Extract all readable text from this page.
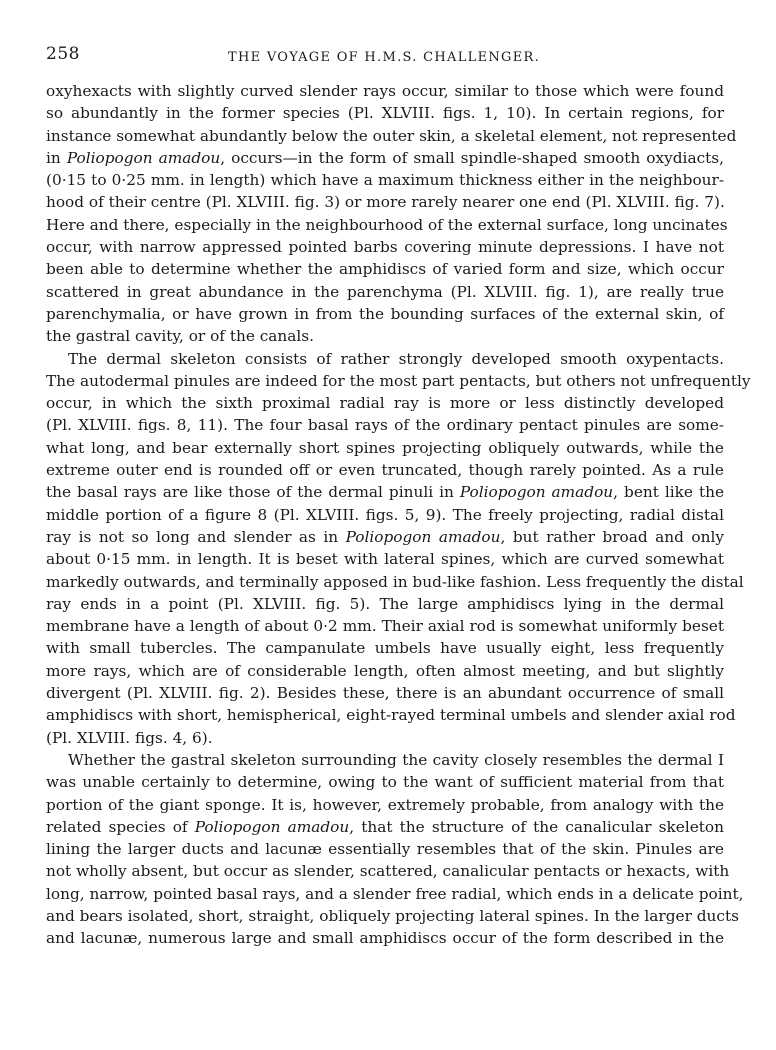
258	THE VOYAGE OF H.M.S. CHALLENGER.
oxyhexacts with slightly curved slender rays occur, similar to those which were found
so abundantly in the former species (Pl. XLVIII. figs. 1, 10). In certain regions, for
instance somewhat abundantly below the outer skin, a skeletal element, not represented
in Poliopogon amadou, occurs—in the form of small spindle-shaped smooth oxydiacts,
(0·15 to 0·25 mm. in length) which have a maximum thickness either in the neighbour-
hood of their centre (Pl. XLVIII. fig. 3) or more rarely nearer one end (Pl. XLVIII. fig. 7).
Here and there, especially in the neighbourhood of the external surface, long uncinates
occur, with narrow appressed pointed barbs covering minute depressions. I have not
been able to determine whether the amphidiscs of varied form and size, which occur
scattered in great abundance in the parenchyma (Pl. XLVIII. fig. 1), are really true
parenchymalia, or have grown in from the bounding surfaces of the external skin, of
the gastral cavity, or of the canals.
The dermal skeleton consists of rather strongly developed smooth oxypentacts.
The autodermal pinules are indeed for the most part pentacts, but others not unfrequently
occur, in which the sixth proximal radial ray is more or less distinctly developed
(Pl. XLVIII. figs. 8, 11). The four basal rays of the ordinary pentact pinules are some-
what long, and bear externally short spines projecting obliquely outwards, while the
extreme outer end is rounded off or even truncated, though rarely pointed. As a rule
the basal rays are like those of the dermal pinuli in Poliopogon amadou, bent like the
middle portion of a figure 8 (Pl. XLVIII. figs. 5, 9). The freely projecting, radial distal
ray is not so long and slender as in Poliopogon amadou, but rather broad and only
about 0·15 mm. in length. It is beset with lateral spines, which are curved somewhat
markedly outwards, and terminally apposed in bud-like fashion. Less frequently the distal
ray ends in a point (Pl. XLVIII. fig. 5). The large amphidiscs lying in the dermal
membrane have a length of about 0·2 mm. Their axial rod is somewhat uniformly beset
with small tubercles. The campanulate umbels have usually eight, less frequently
more rays, which are of considerable length, often almost meeting, and but slightly
divergent (Pl. XLVIII. fig. 2). Besides these, there is an abundant occurrence of small
amphidiscs with short, hemispherical, eight-rayed terminal umbels and slender axial rod
(Pl. XLVIII. figs. 4, 6).
Whether the gastral skeleton surrounding the cavity closely resembles the dermal I
was unable certainly to determine, owing to the want of sufficient material from that
portion of the giant sponge. It is, however, extremely probable, from analogy with the
related species of Poliopogon amadou, that the structure of the canalicular skeleton
lining the larger ducts and lacunæ essentially resembles that of the skin. Pinules are
not wholly absent, but occur as slender, scattered, canalicular pentacts or hexacts, with
long, narrow, pointed basal rays, and a slender free radial, which ends in a delicate point,
and bears isolated, short, straight, obliquely projecting lateral spines. In the larger ducts
and lacunæ, numerous large and small amphidiscs occur of the form described in the
